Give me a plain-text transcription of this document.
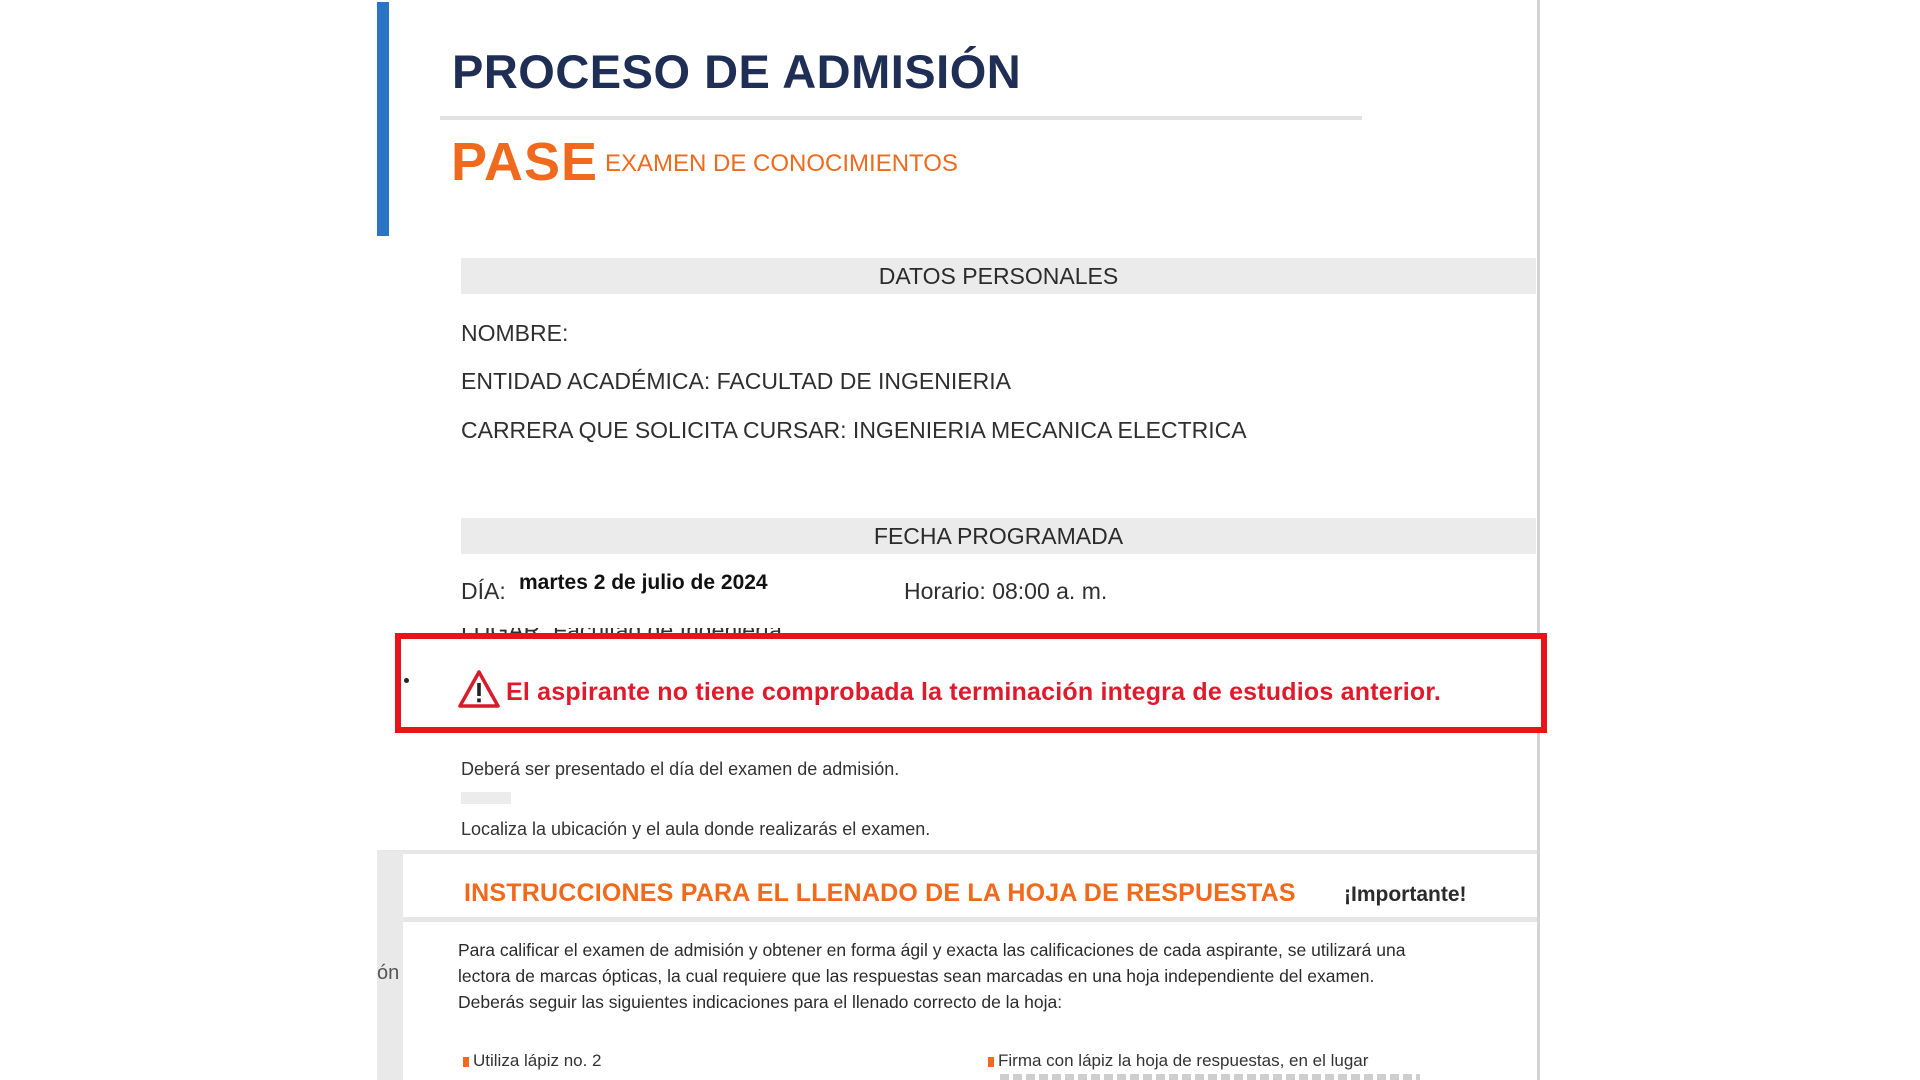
PROCESO DE ADMISIÓN
PASE EXAMEN DE CONOCIMIENTOS
DATOS PERSONALES
NOMBRE:
ENTIDAD ACADÉMICA: FACULTAD DE INGENIERIA
CARRERA QUE SOLICITA CURSAR: INGENIERIA MECANICA ELECTRICA
FECHA PROGRAMADA
DÍA: martes 2 de julio de 2024	Horario: 08:00 a. m.
El aspirante no tiene comprobada la terminación integra de estudios anterior.
Deberá ser presentado el día del examen de admisión.
Localiza la ubicación y el aula donde realizarás el examen.
INSTRUCCIONES PARA EL LLENADO DE LA HOJA DE RESPUESTAS ¡Importante!
ón

Para calificar el examen de admisión y obtener en forma ágil y exacta las calificaciones de cada aspirante, se utilizará una

lectora de marcas ópticas, la cual requiere que las respuestas sean marcadas en una hoja independiente del examen.

Deberás seguir las siguientes indicaciones para el llenado correcto de la hoja:

Utiliza lápiz no. 2	Firma con lápiz la hoja de respuestas, en el lugar
